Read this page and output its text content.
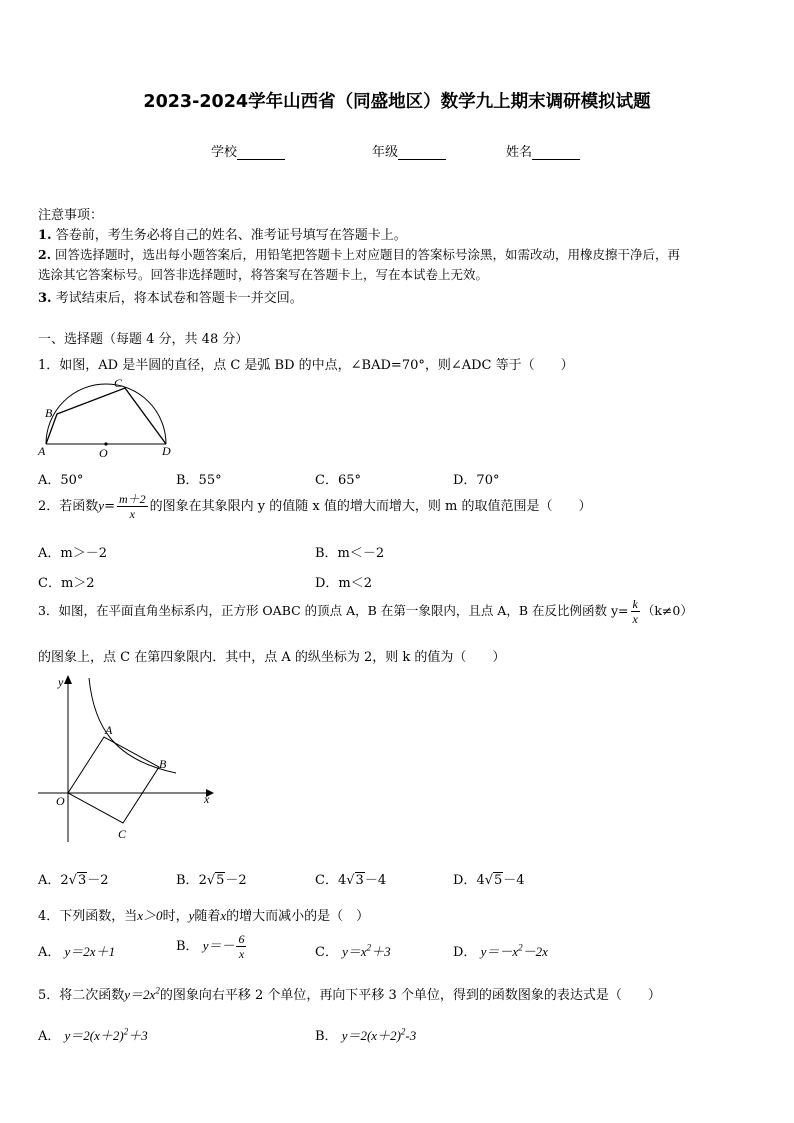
2023-2024学年山西省（同盛地区）数学九上期末调研模拟试题
学校	年级	姓名
注意事项：
1. 答卷前，考生务必将自己的姓名、准考证号填写在答题卡上。
2. 回答选择题时，选出每小题答案后，用铅笔把答题卡上对应题目的答案标号涂黑，如需改动，用橡皮擦干净后，再
选涂其它答案标号。回答非选择题时，将答案写在答题卡上，写在本试卷上无效。
3. 考试结束后，将本试卷和答题卡一并交回。
一、选择题（每题 4 分，共 48 分）
1．如图，AD 是半圆的直径，点 C 是弧 BD 的中点，∠BAD=70°，则∠ADC 等于（　　）
A
B
C
D
O
A．50°	B．55°	C．65°	D．70°
2．若函数$y= \frac{m+2}{x}$ 的图象在其象限内 y 的值随 x 值的增大而增大，则 m 的取值范围是（　　）
A．m＞－2	B．m＜－2
C．m＞2	D．m＜2
3．如图，在平面直角坐标系内，正方形 OABC 的顶点 A，B 在第一象限内，且点 A，B 在反比例函数 $y= \frac{k}{x} (k\ne 0)$
的图象上，点 C 在第四象限内．其中，点 A 的纵坐标为 2，则 k 的值为（　　）
y
x
O
A
B
C
A．2√3－2	B．2√5－2	C．4√3－4	D．4√5－4
4．下列函数，当x＞0时，y随着x的增大而减小的是（　）
A． y＝2x＋1	B． $y=- \frac{6}{x}$	C． $y=x^2+3$	D． $y=-x^2-2x$
5．将二次函数$y=2x^2$的图象向右平移 2 个单位，再向下平移 3 个单位，得到的函数图象的表达式是（　　）
A． $y=2(x+2)^2+3$	B． $y=2(x+2)^2-3$
